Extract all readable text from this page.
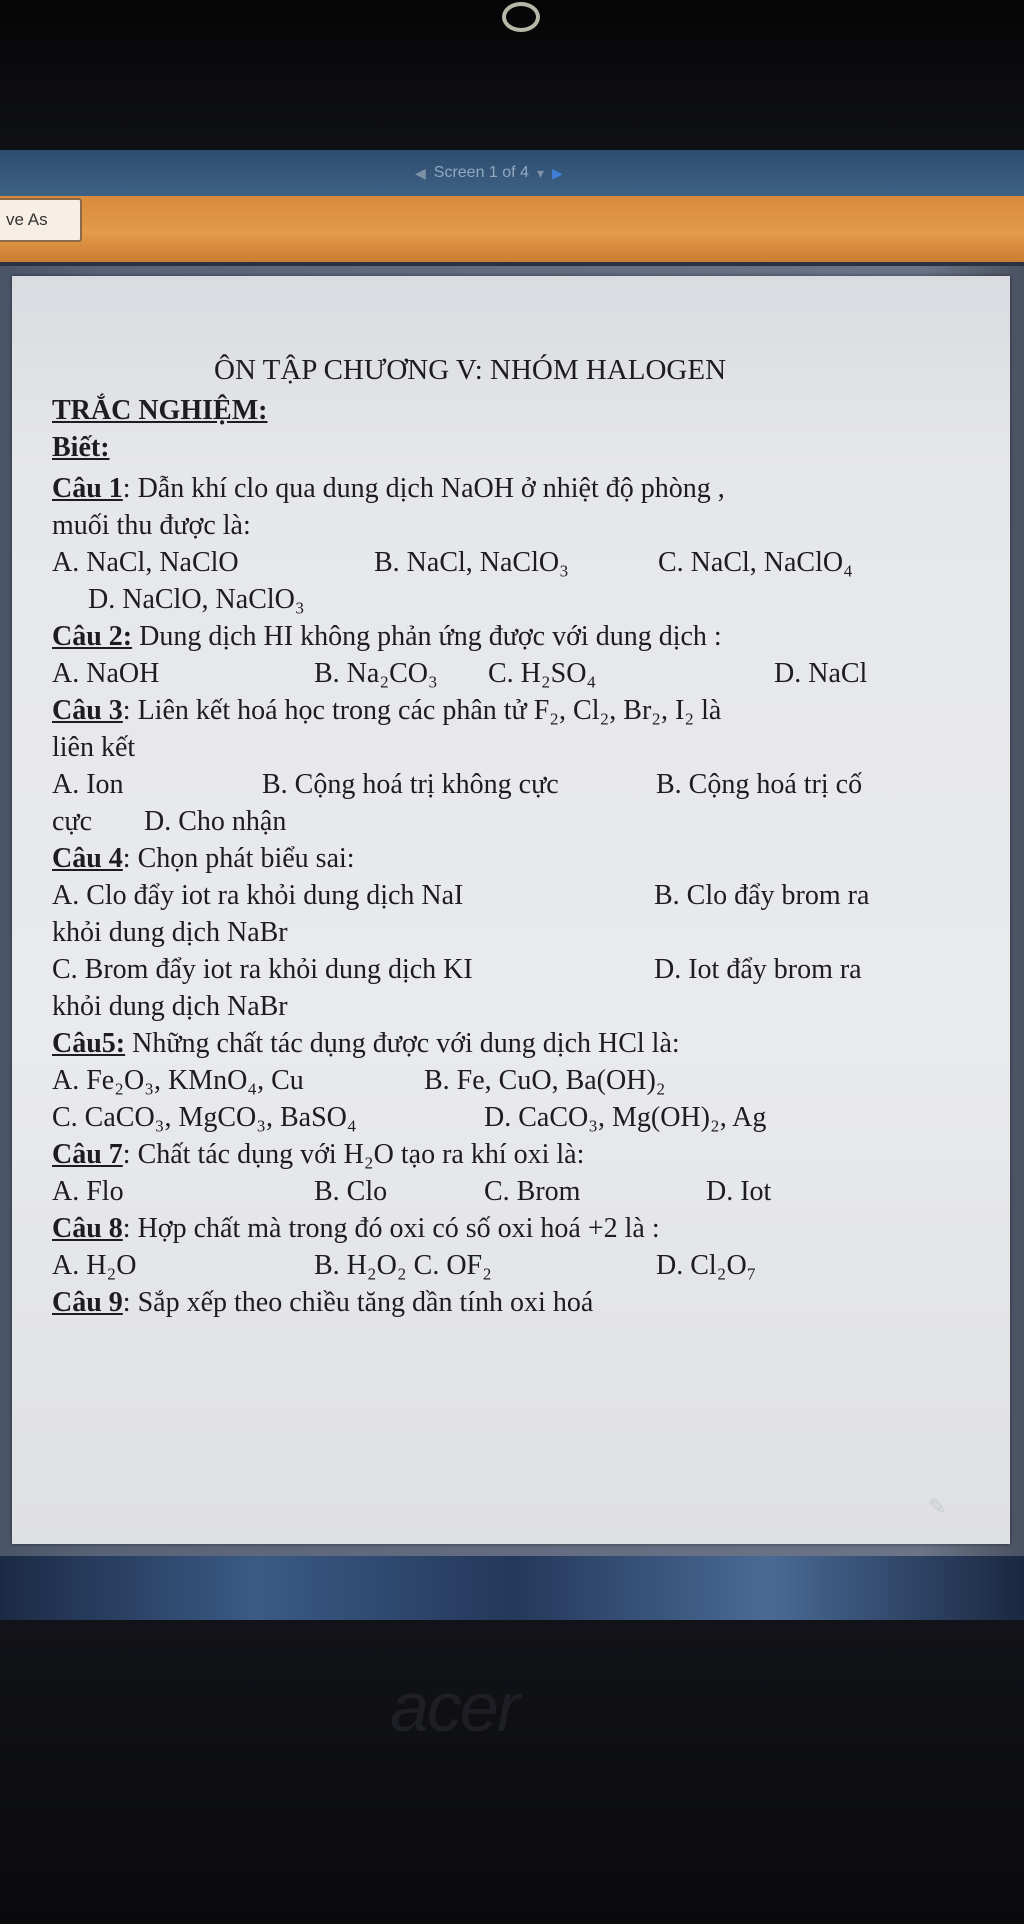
◀ Screen 1 of 4 ▾ ▶
ve As
ÔN TẬP CHƯƠNG V: NHÓM HALOGEN
TRẮC NGHIỆM:
Biết:
Câu 1: Dẫn khí clo qua dung dịch NaOH ở nhiệt độ phòng ,
muối thu được là:
A. NaCl, NaClO	B. NaCl, NaClO₃	C. NaCl, NaClO₄
D. NaClO, NaClO₃
Câu 2: Dung dịch HI không phản ứng được với dung dịch :
A. NaOH	B. Na₂CO₃ C. H₂SO₄	D. NaCl
Câu 3: Liên kết hoá học trong các phân tử F₂, Cl₂, Br₂, I₂ là
liên kết
A. Ion	B. Cộng hoá trị không cực	B. Cộng hoá trị cố
cực D. Cho nhận
Câu 4: Chọn phát biểu sai:
A. Clo đẩy iot ra khỏi dung dịch NaI	B. Clo đẩy brom ra
khỏi dung dịch NaBr
C. Brom đẩy iot ra khỏi dung dịch KI	D. Iot đẩy brom ra
khỏi dung dịch NaBr
Câu5: Những chất tác dụng được với dung dịch HCl là:
A. Fe₂O₃, KMnO₄, Cu	B. Fe, CuO, Ba(OH)₂
C. CaCO₃, MgCO₃, BaSO₄	D. CaCO₃, Mg(OH)₂, Ag
Câu 7: Chất tác dụng với H₂O tạo ra khí oxi là:
A. Flo	B. Clo	C. Brom	D. Iot
Câu 8: Hợp chất mà trong đó oxi có số oxi hoá +2 là :
A. H₂O	B. H₂O₂ C. OF₂	D. Cl₂O₇
Câu 9: Sắp xếp theo chiều tăng dần tính oxi hoá
✎
acer
